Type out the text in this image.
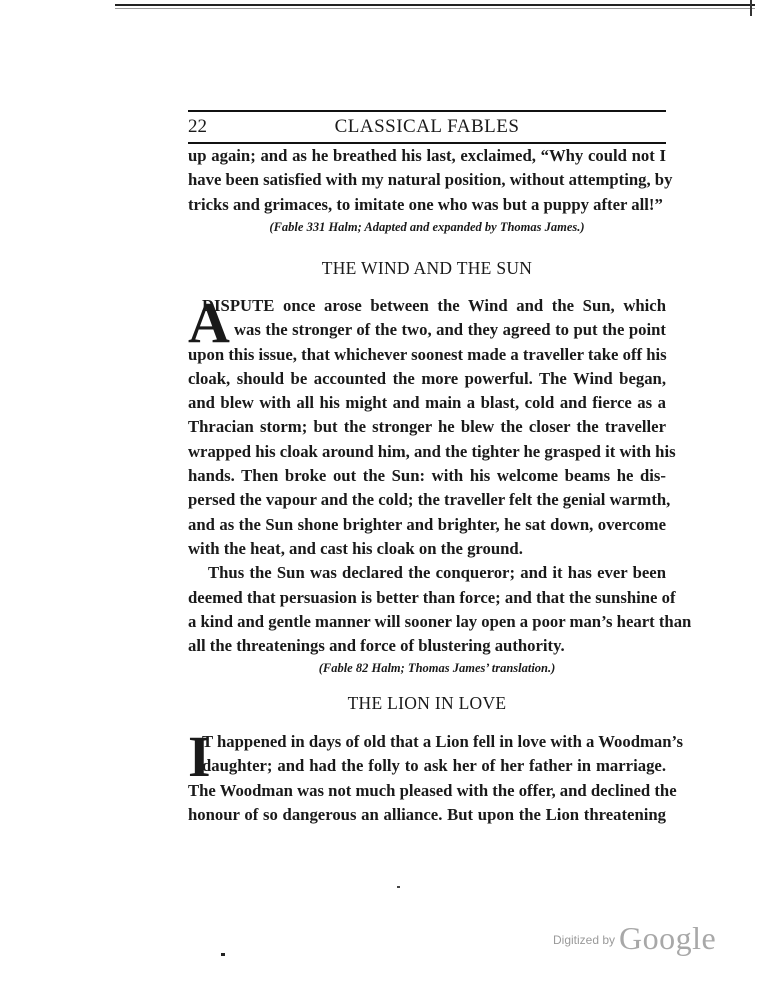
22	CLASSICAL FABLES
up again; and as he breathed his last, exclaimed, “Why could not I
have been satisfied with my natural position, without attempting, by
tricks and grimaces, to imitate one who was but a puppy after all!”
(Fable 331 Halm; Adapted and expanded by Thomas James.)
THE WIND AND THE SUN
A
DISPUTE once arose between the Wind and the Sun, which
was the stronger of the two, and they agreed to put the point
upon this issue, that whichever soonest made a traveller take off his
cloak, should be accounted the more powerful. The Wind began,
and blew with all his might and main a blast, cold and fierce as a
Thracian storm; but the stronger he blew the closer the traveller
wrapped his cloak around him, and the tighter he grasped it with his
hands. Then broke out the Sun: with his welcome beams he dis-
persed the vapour and the cold; the traveller felt the genial warmth,
and as the Sun shone brighter and brighter, he sat down, overcome
with the heat, and cast his cloak on the ground.
Thus the Sun was declared the conqueror; and it has ever been
deemed that persuasion is better than force; and that the sunshine of
a kind and gentle manner will sooner lay open a poor man’s heart than
all the threatenings and force of blustering authority.
(Fable 82 Halm; Thomas James’ translation.)
THE LION IN LOVE
I
T happened in days of old that a Lion fell in love with a Woodman’s
daughter; and had the folly to ask her of her father in marriage.
The Woodman was not much pleased with the offer, and declined the
honour of so dangerous an alliance. But upon the Lion threatening
$^{Digitized by}$ Google
